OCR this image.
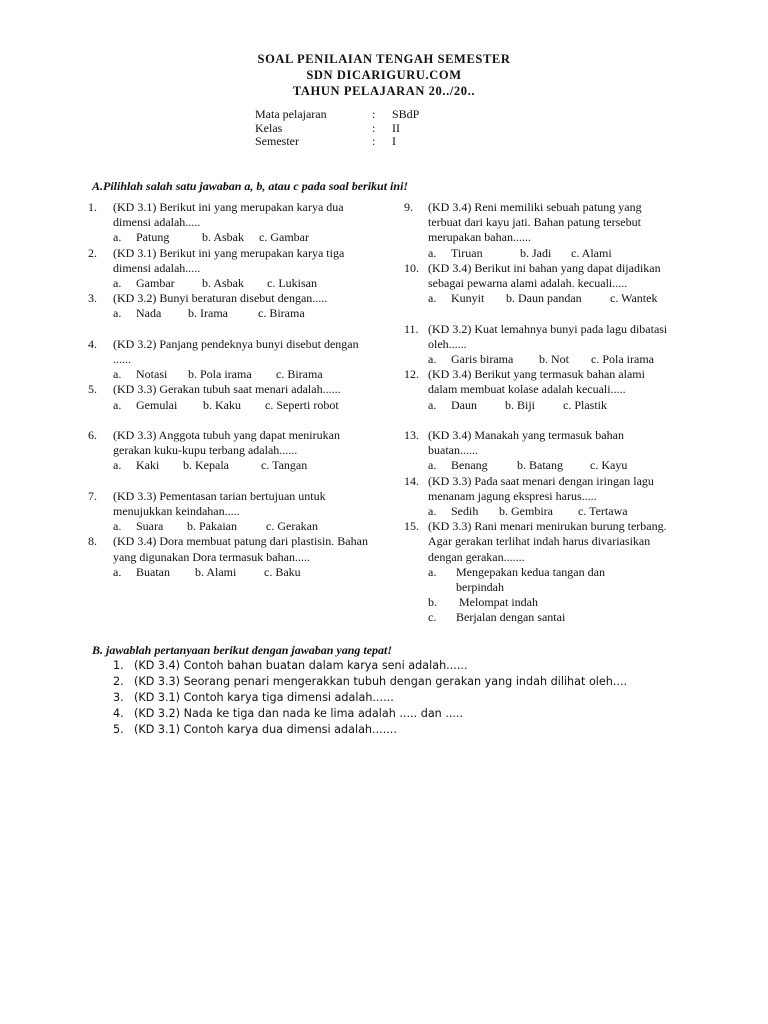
SOAL PENILAIAN TENGAH SEMESTER
SDN DICARIGURU.COM
TAHUN PELAJARAN 20../20..
Mata pelajaran	: SBdP
Kelas	: II
Semester	: I
A.Pilihlah salah satu jawaban a, b, atau c pada soal berikut ini!
1. (KD 3.1) Berikut ini yang merupakan karya dua dimensi adalah.....
a. Patung	b. Asbak c. Gambar
2. (KD 3.1) Berikut ini yang merupakan karya tiga dimensi adalah.....
a. Gambar b. Asbak c. Lukisan
3. (KD 3.2) Bunyi beraturan disebut dengan.....
a. Nada b. Irama	c. Birama
4. (KD 3.2) Panjang pendeknya bunyi disebut dengan ......
a. Notasi b. Pola irama c. Birama
5. (KD 3.3) Gerakan tubuh saat menari adalah......
a. Gemulai b. Kaku c. Seperti robot
6. (KD 3.3) Anggota tubuh yang dapat menirukan gerakan kuku-kupu terbang adalah......
a. Kaki b. Kepala	c. Tangan
7. (KD 3.3) Pementasan tarian bertujuan untuk menujukkan keindahan.....
a. Suara b. Pakaian c. Gerakan
8. (KD 3.4) Dora membuat patung dari plastisin. Bahan yang digunakan Dora termasuk bahan.....
a. Buatan b. Alami c. Baku
9. (KD 3.4) Reni memiliki sebuah patung yang terbuat dari kayu jati. Bahan patung tersebut merupakan bahan......
a. Tiruan	b. Jadi c. Alami
10. (KD 3.4) Berikut ini bahan yang dapat dijadikan sebagai pewarna alami adalah. kecuali.....
a. Kunyit b. Daun pandan c. Wantek
11. (KD 3.2) Kuat lemahnya bunyi pada lagu dibatasi oleh......
a. Garis birama b. Not c. Pola irama
12. (KD 3.4) Berikut yang termasuk bahan alami dalam membuat kolase adalah kecuali.....
a. Daun b. Biji c. Plastik
13. (KD 3.4) Manakah yang termasuk bahan buatan......
a. Benang b. Batang c. Kayu
14. (KD 3.3) Pada saat menari dengan iringan lagu menanam jagung ekspresi harus.....
a. Sedih b. Gembira c. Tertawa
15. (KD 3.3) Rani menari menirukan burung terbang. Agar gerakan terlihat indah harus divariasikan dengan gerakan.......
a. Mengepakan kedua tangan dan berpindah
b. Melompat indah
c. Berjalan dengan santai
B. jawablah pertanyaan berikut dengan jawaban yang tepat!
1. (KD 3.4) Contoh bahan buatan dalam karya seni adalah......
2. (KD 3.3) Seorang penari mengerakkan tubuh dengan gerakan yang indah dilihat oleh....
3. (KD 3.1) Contoh karya tiga dimensi adalah......
4. (KD 3.2) Nada ke tiga dan nada ke lima adalah ..... dan .....
5. (KD 3.1) Contoh karya dua dimensi adalah.......
